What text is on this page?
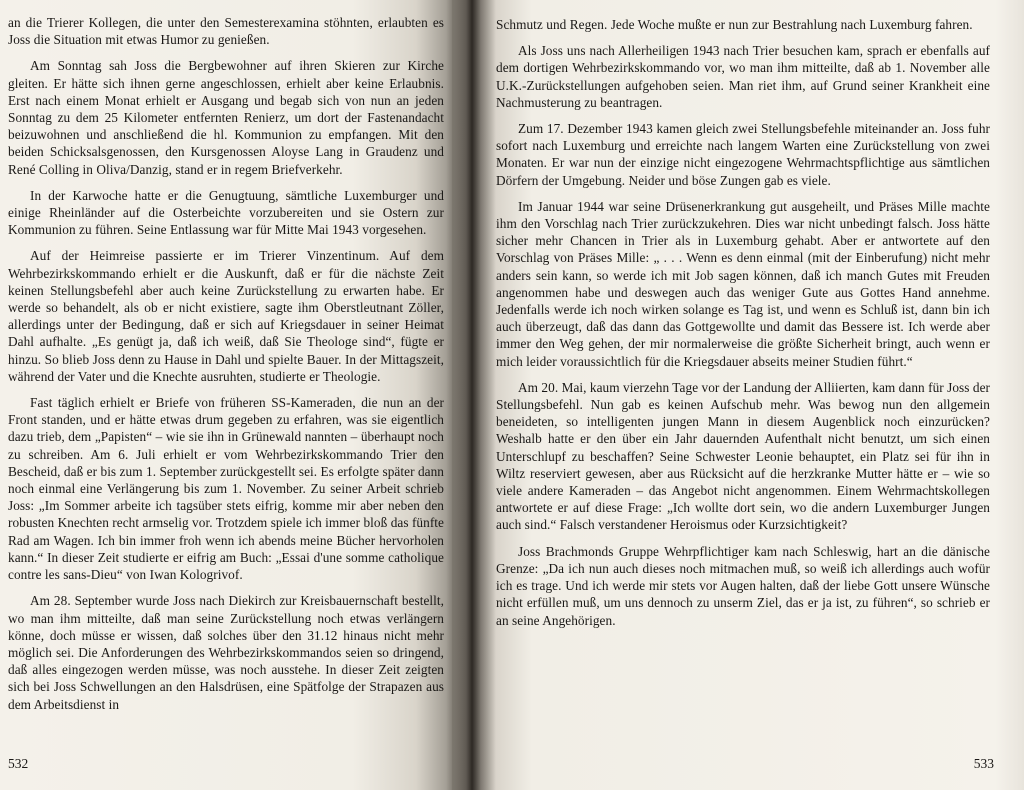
an die Trierer Kollegen, die unter den Semesterexamina stöhnten, erlaubten es Joss die Situation mit etwas Humor zu genießen.

Am Sonntag sah Joss die Bergbewohner auf ihren Skieren zur Kirche gleiten. Er hätte sich ihnen gerne angeschlossen, erhielt aber keine Erlaubnis. Erst nach einem Monat erhielt er Ausgang und begab sich von nun an jeden Sonntag zu dem 25 Kilometer entfernten Renierz, um dort der Fastenandacht beizuwohnen und anschließend die hl. Kommunion zu empfangen. Mit den beiden Schicksalsgenossen, den Kursgenossen Aloyse Lang in Graudenz und René Colling in Oliva/Danzig, stand er in regem Briefverkehr.

In der Karwoche hatte er die Genugtuung, sämtliche Luxemburger und einige Rheinländer auf die Osterbeichte vorzubereiten und sie Ostern zur Kommunion zu führen. Seine Entlassung war für Mitte Mai 1943 vorgesehen.

Auf der Heimreise passierte er im Trierer Vinzentinum. Auf dem Wehrbezirkskommando erhielt er die Auskunft, daß er für die nächste Zeit keinen Stellungsbefehl aber auch keine Zurückstellung zu erwarten habe. Er werde so behandelt, als ob er nicht existiere, sagte ihm Oberstleutnant Zöller, allerdings unter der Bedingung, daß er sich auf Kriegsdauer in seiner Heimat Dahl aufhalte. „Es genügt ja, daß ich weiß, daß Sie Theologe sind“, fügte er hinzu. So blieb Joss denn zu Hause in Dahl und spielte Bauer. In der Mittagszeit, während der Vater und die Knechte ausruhten, studierte er Theologie.

Fast täglich erhielt er Briefe von früheren SS-Kameraden, die nun an der Front standen, und er hätte etwas drum gegeben zu erfahren, was sie eigentlich dazu trieb, dem „Papisten“ – wie sie ihn in Grünewald nannten – überhaupt noch zu schreiben. Am 6. Juli erhielt er vom Wehrbezirkskommando Trier den Bescheid, daß er bis zum 1. September zurückgestellt sei. Es erfolgte später dann noch einmal eine Verlängerung bis zum 1. November. Zu seiner Arbeit schrieb Joss: „Im Sommer arbeite ich tagsüber stets eifrig, komme mir aber neben den robusten Knechten recht armselig vor. Trotzdem spiele ich immer bloß das fünfte Rad am Wagen. Ich bin immer froh wenn ich abends meine Bücher hervorholen kann.“ In dieser Zeit studierte er eifrig am Buch: „Essai d'une somme catholique contre les sans-Dieu“ von Iwan Kologrivof.

Am 28. September wurde Joss nach Diekirch zur Kreisbauernschaft bestellt, wo man ihm mitteilte, daß man seine Zurückstellung noch etwas verlängern könne, doch müsse er wissen, daß solches über den 31.12 hinaus nicht mehr möglich sei. Die Anforderungen des Wehrbezirkskommandos seien so dringend, daß alles eingezogen werden müsse, was noch ausstehe. In dieser Zeit zeigten sich bei Joss Schwellungen an den Halsdrüsen, eine Spätfolge der Strapazen aus dem Arbeitsdienst in

532

Schmutz und Regen. Jede Woche mußte er nun zur Bestrahlung nach Luxemburg fahren.

Als Joss uns nach Allerheiligen 1943 nach Trier besuchen kam, sprach er ebenfalls auf dem dortigen Wehrbezirkskommando vor, wo man ihm mitteilte, daß ab 1. November alle U.K.-Zurückstellungen aufgehoben seien. Man riet ihm, auf Grund seiner Krankheit eine Nachmusterung zu beantragen.

Zum 17. Dezember 1943 kamen gleich zwei Stellungsbefehle miteinander an. Joss fuhr sofort nach Luxemburg und erreichte nach langem Warten eine Zurückstellung von zwei Monaten. Er war nun der einzige nicht eingezogene Wehrmachtspflichtige aus sämtlichen Dörfern der Umgebung. Neider und böse Zungen gab es viele.

Im Januar 1944 war seine Drüsenerkrankung gut ausgeheilt, und Präses Mille machte ihm den Vorschlag nach Trier zurückzukehren. Dies war nicht unbedingt falsch. Joss hätte sicher mehr Chancen in Trier als in Luxemburg gehabt. Aber er antwortete auf den Vorschlag von Präses Mille: „ . . . Wenn es denn einmal (mit der Einberufung) nicht mehr anders sein kann, so werde ich mit Job sagen können, daß ich manch Gutes mit Freuden angenommen habe und deswegen auch das weniger Gute aus Gottes Hand annehme. Jedenfalls werde ich noch wirken solange es Tag ist, und wenn es Schluß ist, dann bin ich auch überzeugt, daß das dann das Gottgewollte und damit das Bessere ist. Ich werde aber immer den Weg gehen, der mir normalerweise die größte Sicherheit bringt, auch wenn er mich leider voraussichtlich für die Kriegsdauer abseits meiner Studien führt.“

Am 20. Mai, kaum vierzehn Tage vor der Landung der Alliierten, kam dann für Joss der Stellungsbefehl. Nun gab es keinen Aufschub mehr. Was bewog nun den allgemein beneideten, so intelligenten jungen Mann in diesem Augenblick noch einzurücken? Weshalb hatte er den über ein Jahr dauernden Aufenthalt nicht benutzt, um sich einen Unterschlupf zu beschaffen? Seine Schwester Leonie behauptet, ein Platz sei für ihn in Wiltz reserviert gewesen, aber aus Rücksicht auf die herzkranke Mutter hätte er – wie so viele andere Kameraden – das Angebot nicht angenommen. Einem Wehrmachtskollegen antwortete er auf diese Frage: „Ich wollte dort sein, wo die andern Luxemburger Jungen auch sind.“ Falsch verstandener Heroismus oder Kurzsichtigkeit?

Joss Brachmonds Gruppe Wehrpflichtiger kam nach Schleswig, hart an die dänische Grenze: „Da ich nun auch dieses noch mitmachen muß, so weiß ich allerdings auch wofür ich es trage. Und ich werde mir stets vor Augen halten, daß der liebe Gott unsere Wünsche nicht erfüllen muß, um uns dennoch zu unserm Ziel, das er ja ist, zu führen“, so schrieb er an seine Angehörigen.

533
